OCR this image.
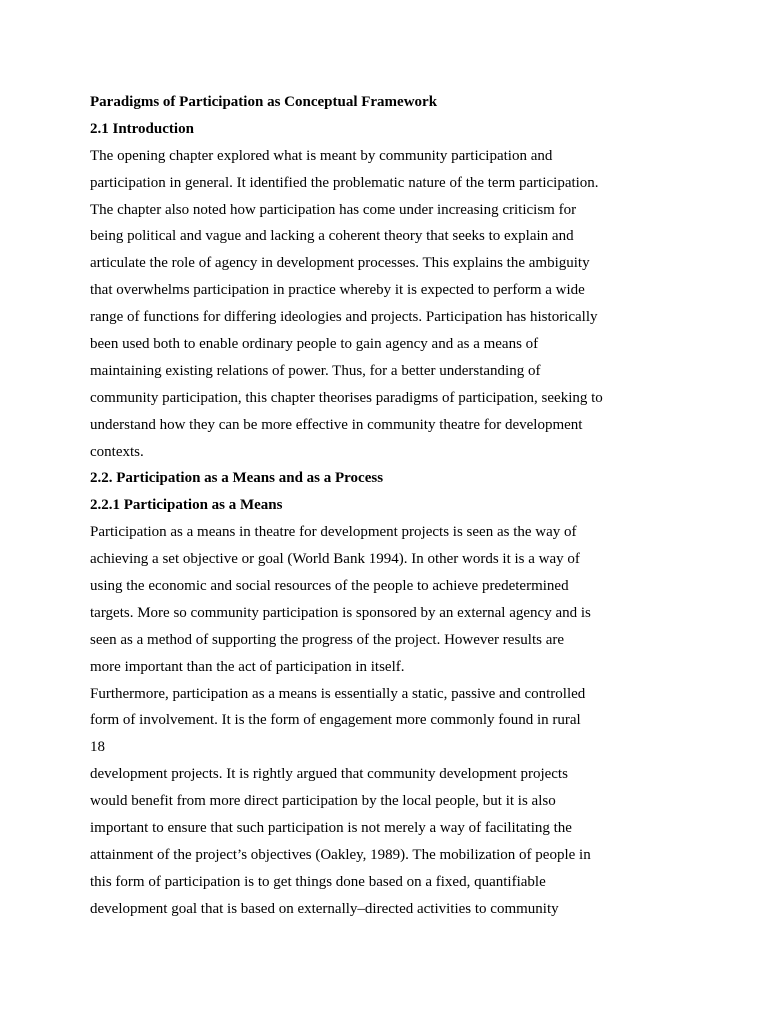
Paradigms of Participation as Conceptual Framework
2.1 Introduction
The opening chapter explored what is meant by community participation and
participation in general. It identified the problematic nature of the term participation.
The chapter also noted how participation has come under increasing criticism for
being political and vague and lacking a coherent theory that seeks to explain and
articulate the role of agency in development processes. This explains the ambiguity
that overwhelms participation in practice whereby it is expected to perform a wide
range of functions for differing ideologies and projects. Participation has historically
been used both to enable ordinary people to gain agency and as a means of
maintaining existing relations of power. Thus, for a better understanding of
community participation, this chapter theorises paradigms of participation, seeking to
understand how they can be more effective in community theatre for development
contexts.
2.2. Participation as a Means and as a Process
2.2.1 Participation as a Means
Participation as a means in theatre for development projects is seen as the way of
achieving a set objective or goal (World Bank 1994). In other words it is a way of
using the economic and social resources of the people to achieve predetermined
targets. More so community participation is sponsored by an external agency and is
seen as a method of supporting the progress of the project. However results are
more important than the act of participation in itself.
Furthermore, participation as a means is essentially a static, passive and controlled
form of involvement. It is the form of engagement more commonly found in rural
18
development projects. It is rightly argued that community development projects
would benefit from more direct participation by the local people, but it is also
important to ensure that such participation is not merely a way of facilitating the
attainment of the project’s objectives (Oakley, 1989). The mobilization of people in
this form of participation is to get things done based on a fixed, quantifiable
development goal that is based on externally–directed activities to community
